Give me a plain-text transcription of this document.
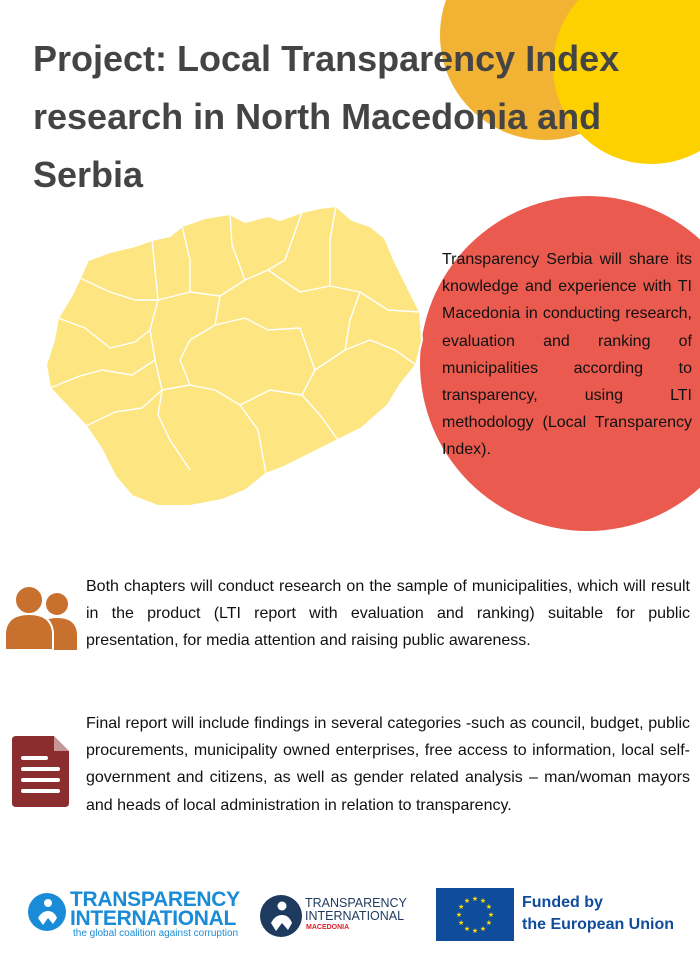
Project: Local Transparency Index research in North Macedonia and Serbia

Transparency Serbia will share its knowledge and experience with TI Macedonia in conducting research, evaluation and ranking of municipalities according to transparency, using LTI methodology (Local Transparency Index).

Both chapters will conduct research on the sample of municipalities, which will result in the product (LTI report with evaluation and ranking) suitable for public presentation, for media attention and raising public awareness.

Final report will include findings in several categories -such as council, budget, public procurements, municipality owned enterprises, free access to information, local self- government and citizens, as well as gender related analysis – man/woman mayors and heads of local administration in relation to transparency.

TRANSPARENCY
INTERNATIONAL
the global coalition against corruption
TRANSPARENCY
INTERNATIONAL
MACEDONIA
★ ★
★
★
★
★
★
★
★
★
★
★	Funded by
the European Union
